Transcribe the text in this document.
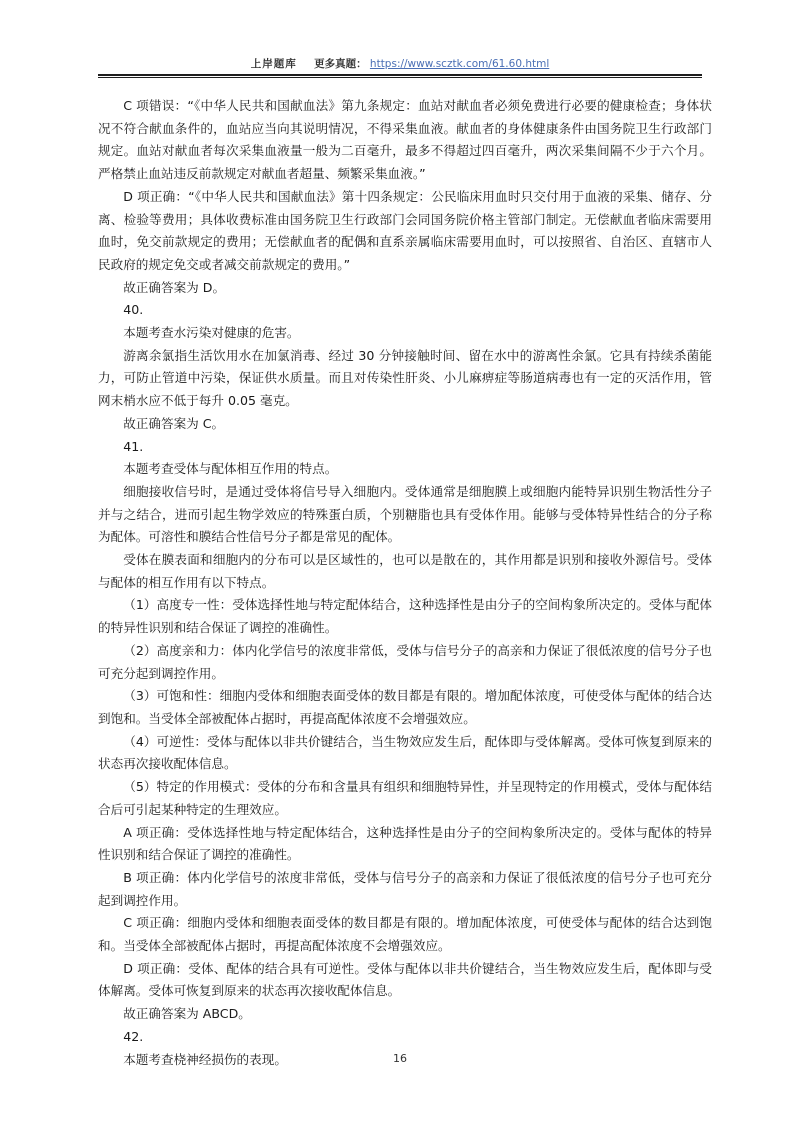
上岸题库 更多真题： https://www.scztk.com/61.60.html

C 项错误：“《中华人民共和国献血法》第九条规定：血站对献血者必须免费进行必要的健康检查；身体状况不符合献血条件的，血站应当向其说明情况，不得采集血液。献血者的身体健康条件由国务院卫生行政部门规定。血站对献血者每次采集血液量一般为二百毫升，最多不得超过四百毫升，两次采集间隔不少于六个月。严格禁止血站违反前款规定对献血者超量、频繁采集血液。”

D 项正确：“《中华人民共和国献血法》第十四条规定：公民临床用血时只交付用于血液的采集、储存、分离、检验等费用；具体收费标准由国务院卫生行政部门会同国务院价格主管部门制定。无偿献血者临床需要用血时，免交前款规定的费用；无偿献血者的配偶和直系亲属临床需要用血时，可以按照省、自治区、直辖市人民政府的规定免交或者减交前款规定的费用。”

故正确答案为 D。

40.

本题考查水污染对健康的危害。

游离余氯指生活饮用水在加氯消毒、经过 30 分钟接触时间、留在水中的游离性余氯。它具有持续杀菌能力，可防止管道中污染，保证供水质量。而且对传染性肝炎、小儿麻痹症等肠道病毒也有一定的灭活作用，管网末梢水应不低于每升 0.05 毫克。

故正确答案为 C。

41.

本题考查受体与配体相互作用的特点。

细胞接收信号时，是通过受体将信号导入细胞内。受体通常是细胞膜上或细胞内能特异识别生物活性分子并与之结合，进而引起生物学效应的特殊蛋白质，个别糖脂也具有受体作用。能够与受体特异性结合的分子称为配体。可溶性和膜结合性信号分子都是常见的配体。

受体在膜表面和细胞内的分布可以是区域性的，也可以是散在的，其作用都是识别和接收外源信号。受体与配体的相互作用有以下特点。

（1）高度专一性：受体选择性地与特定配体结合，这种选择性是由分子的空间构象所决定的。受体与配体的特异性识别和结合保证了调控的准确性。

（2）高度亲和力：体内化学信号的浓度非常低，受体与信号分子的高亲和力保证了很低浓度的信号分子也可充分起到调控作用。

（3）可饱和性：细胞内受体和细胞表面受体的数目都是有限的。增加配体浓度，可使受体与配体的结合达到饱和。当受体全部被配体占据时，再提高配体浓度不会增强效应。

（4）可逆性：受体与配体以非共价键结合，当生物效应发生后，配体即与受体解离。受体可恢复到原来的状态再次接收配体信息。

（5）特定的作用模式：受体的分布和含量具有组织和细胞特异性，并呈现特定的作用模式，受体与配体结合后可引起某种特定的生理效应。

A 项正确：受体选择性地与特定配体结合，这种选择性是由分子的空间构象所决定的。受体与配体的特异性识别和结合保证了调控的准确性。

B 项正确：体内化学信号的浓度非常低，受体与信号分子的高亲和力保证了很低浓度的信号分子也可充分起到调控作用。

C 项正确：细胞内受体和细胞表面受体的数目都是有限的。增加配体浓度，可使受体与配体的结合达到饱和。当受体全部被配体占据时，再提高配体浓度不会增强效应。

D 项正确：受体、配体的结合具有可逆性。受体与配体以非共价键结合，当生物效应发生后，配体即与受体解离。受体可恢复到原来的状态再次接收配体信息。

故正确答案为 ABCD。

42.

本题考查桡神经损伤的表现。	16
